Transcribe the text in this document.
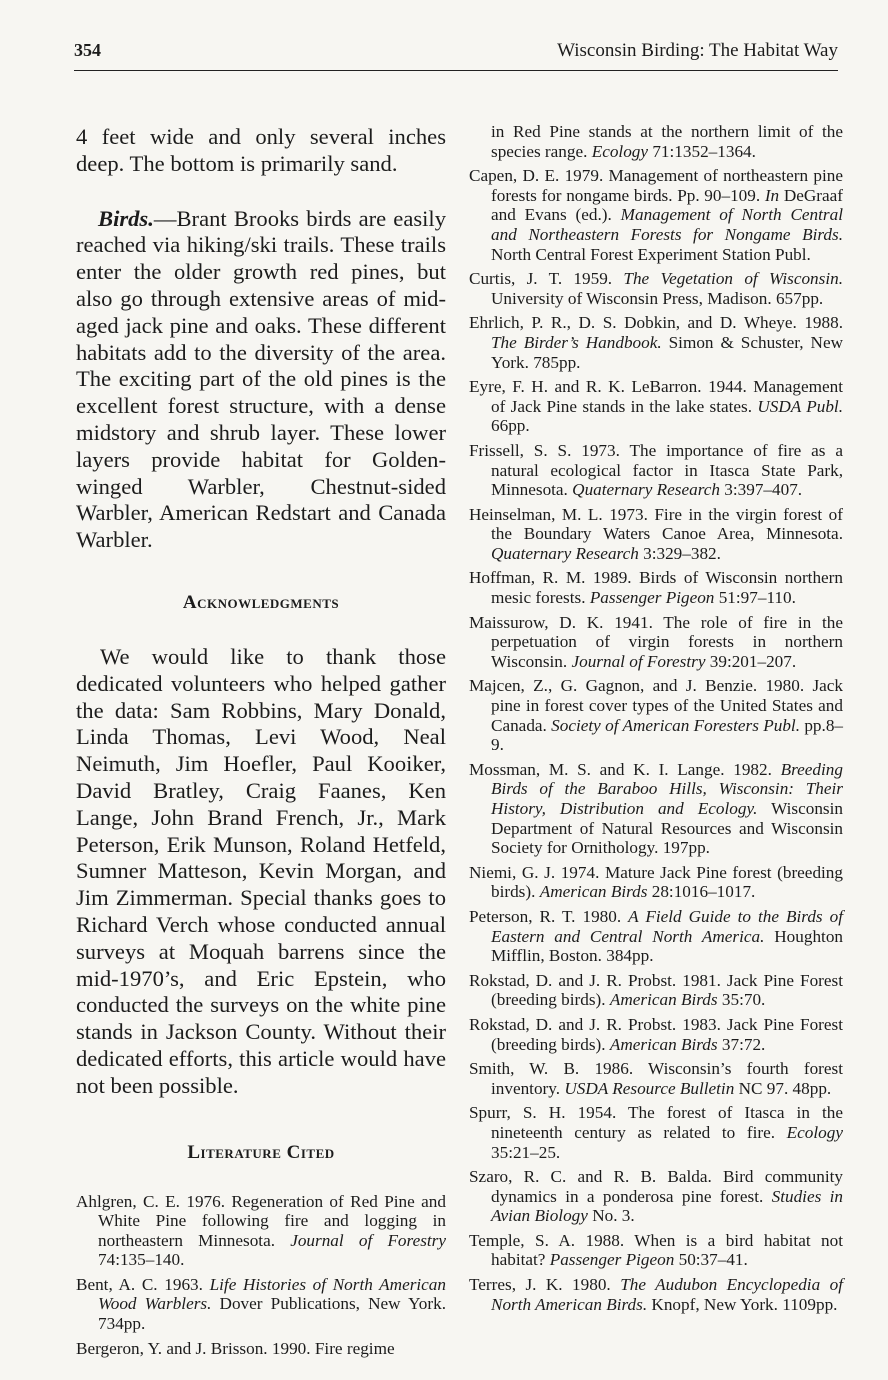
354	Wisconsin Birding: The Habitat Way

4 feet wide and only several inches deep. The bottom is primarily sand.

Birds.—Brant Brooks birds are easily reached via hiking/ski trails. These trails enter the older growth red pines, but also go through extensive areas of mid-aged jack pine and oaks. These different habitats add to the diversity of the area. The exciting part of the old pines is the excellent forest structure, with a dense midstory and shrub layer. These lower layers provide habitat for Golden-winged Warbler, Chestnut-sided Warbler, American Redstart and Canada Warbler.

Acknowledgments

We would like to thank those dedicated volunteers who helped gather the data: Sam Robbins, Mary Donald, Linda Thomas, Levi Wood, Neal Neimuth, Jim Hoefler, Paul Kooiker, David Bratley, Craig Faanes, Ken Lange, John Brand French, Jr., Mark Peterson, Erik Munson, Roland Hetfeld, Sumner Matteson, Kevin Morgan, and Jim Zimmerman. Special thanks goes to Richard Verch whose conducted annual surveys at Moquah barrens since the mid-1970’s, and Eric Epstein, who conducted the surveys on the white pine stands in Jackson County. Without their dedicated efforts, this article would have not been possible.

Literature Cited

Ahlgren, C. E. 1976. Regeneration of Red Pine and White Pine following fire and logging in northeastern Minnesota. Journal of Forestry 74:135–140.

Bent, A. C. 1963. Life Histories of North American Wood Warblers. Dover Publications, New York. 734pp.

Bergeron, Y. and J. Brisson. 1990. Fire regime

in Red Pine stands at the northern limit of the species range. Ecology 71:1352–1364.

Capen, D. E. 1979. Management of northeastern pine forests for nongame birds. Pp. 90–109. In DeGraaf and Evans (ed.). Management of North Central and Northeastern Forests for Nongame Birds. North Central Forest Experiment Station Publ.

Curtis, J. T. 1959. The Vegetation of Wisconsin. University of Wisconsin Press, Madison. 657pp.

Ehrlich, P. R., D. S. Dobkin, and D. Wheye. 1988. The Birder’s Handbook. Simon & Schuster, New York. 785pp.

Eyre, F. H. and R. K. LeBarron. 1944. Management of Jack Pine stands in the lake states. USDA Publ. 66pp.

Frissell, S. S. 1973. The importance of fire as a natural ecological factor in Itasca State Park, Minnesota. Quaternary Research 3:397–407.

Heinselman, M. L. 1973. Fire in the virgin forest of the Boundary Waters Canoe Area, Minnesota. Quaternary Research 3:329–382.

Hoffman, R. M. 1989. Birds of Wisconsin northern mesic forests. Passenger Pigeon 51:97–110.

Maissurow, D. K. 1941. The role of fire in the perpetuation of virgin forests in northern Wisconsin. Journal of Forestry 39:201–207.

Majcen, Z., G. Gagnon, and J. Benzie. 1980. Jack pine in forest cover types of the United States and Canada. Society of American Foresters Publ. pp.8–9.

Mossman, M. S. and K. I. Lange. 1982. Breeding Birds of the Baraboo Hills, Wisconsin: Their History, Distribution and Ecology. Wisconsin Department of Natural Resources and Wisconsin Society for Ornithology. 197pp.

Niemi, G. J. 1974. Mature Jack Pine forest (breeding birds). American Birds 28:1016–1017.

Peterson, R. T. 1980. A Field Guide to the Birds of Eastern and Central North America. Houghton Mifflin, Boston. 384pp.

Rokstad, D. and J. R. Probst. 1981. Jack Pine Forest (breeding birds). American Birds 35:70.

Rokstad, D. and J. R. Probst. 1983. Jack Pine Forest (breeding birds). American Birds 37:72.

Smith, W. B. 1986. Wisconsin’s fourth forest inventory. USDA Resource Bulletin NC 97. 48pp.

Spurr, S. H. 1954. The forest of Itasca in the nineteenth century as related to fire. Ecology 35:21–25.

Szaro, R. C. and R. B. Balda. Bird community dynamics in a ponderosa pine forest. Studies in Avian Biology No. 3.

Temple, S. A. 1988. When is a bird habitat not habitat? Passenger Pigeon 50:37–41.

Terres, J. K. 1980. The Audubon Encyclopedia of North American Birds. Knopf, New York. 1109pp.
